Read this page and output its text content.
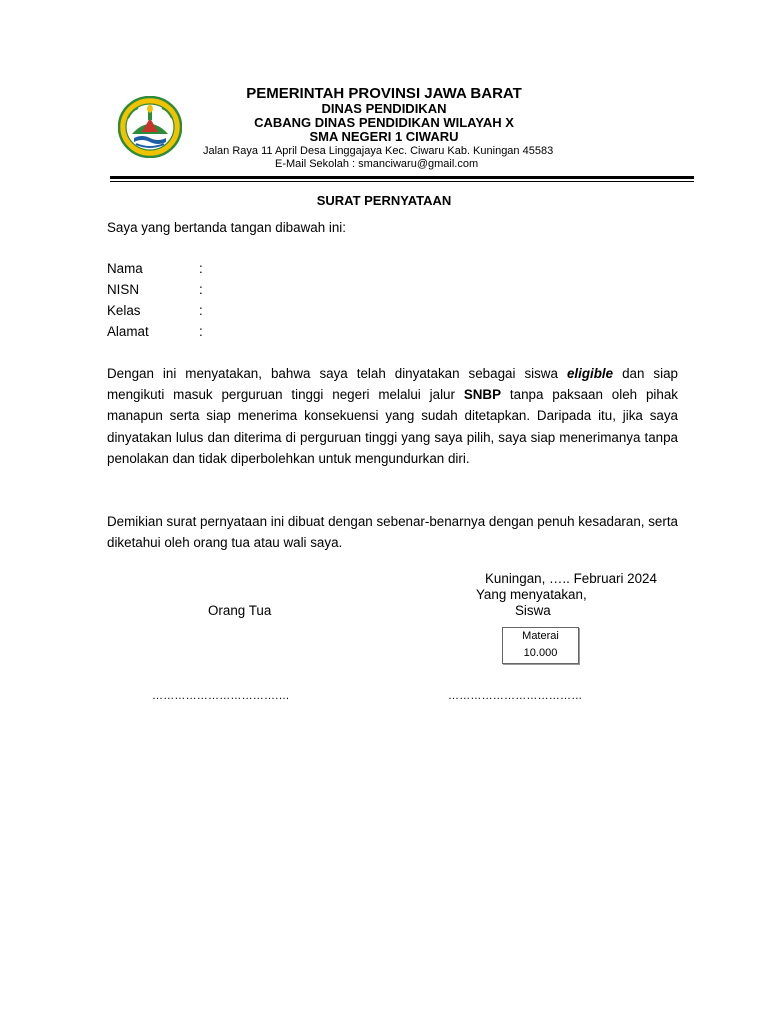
PEMERINTAH PROVINSI JAWA BARAT
DINAS PENDIDIKAN
CABANG DINAS PENDIDIKAN WILAYAH X
SMA NEGERI 1 CIWARU
Jalan Raya 11 April Desa Linggajaya Kec. Ciwaru Kab. Kuningan 45583
E-Mail Sekolah : smanciwaru@gmail.com
SURAT PERNYATAAN
Saya yang bertanda tangan dibawah ini:
Nama	:
NISN	:
Kelas	:
Alamat	:
Dengan ini menyatakan, bahwa saya telah dinyatakan sebagai siswa eligible dan siap mengikuti masuk perguruan tinggi negeri melalui jalur SNBP tanpa paksaan oleh pihak manapun serta siap menerima konsekuensi yang sudah ditetapkan. Daripada itu, jika saya dinyatakan lulus dan diterima di perguruan tinggi yang saya pilih, saya siap menerimanya tanpa penolakan dan tidak diperbolehkan untuk mengundurkan diri.
Demikian surat pernyataan ini dibuat dengan sebenar-benarnya dengan penuh kesadaran, serta diketahui oleh orang tua atau wali saya.
Kuningan, ….. Februari 2024
Yang menyatakan,
Orang Tua	Siswa
Materai
10.000
…………………………….…	………………………………
